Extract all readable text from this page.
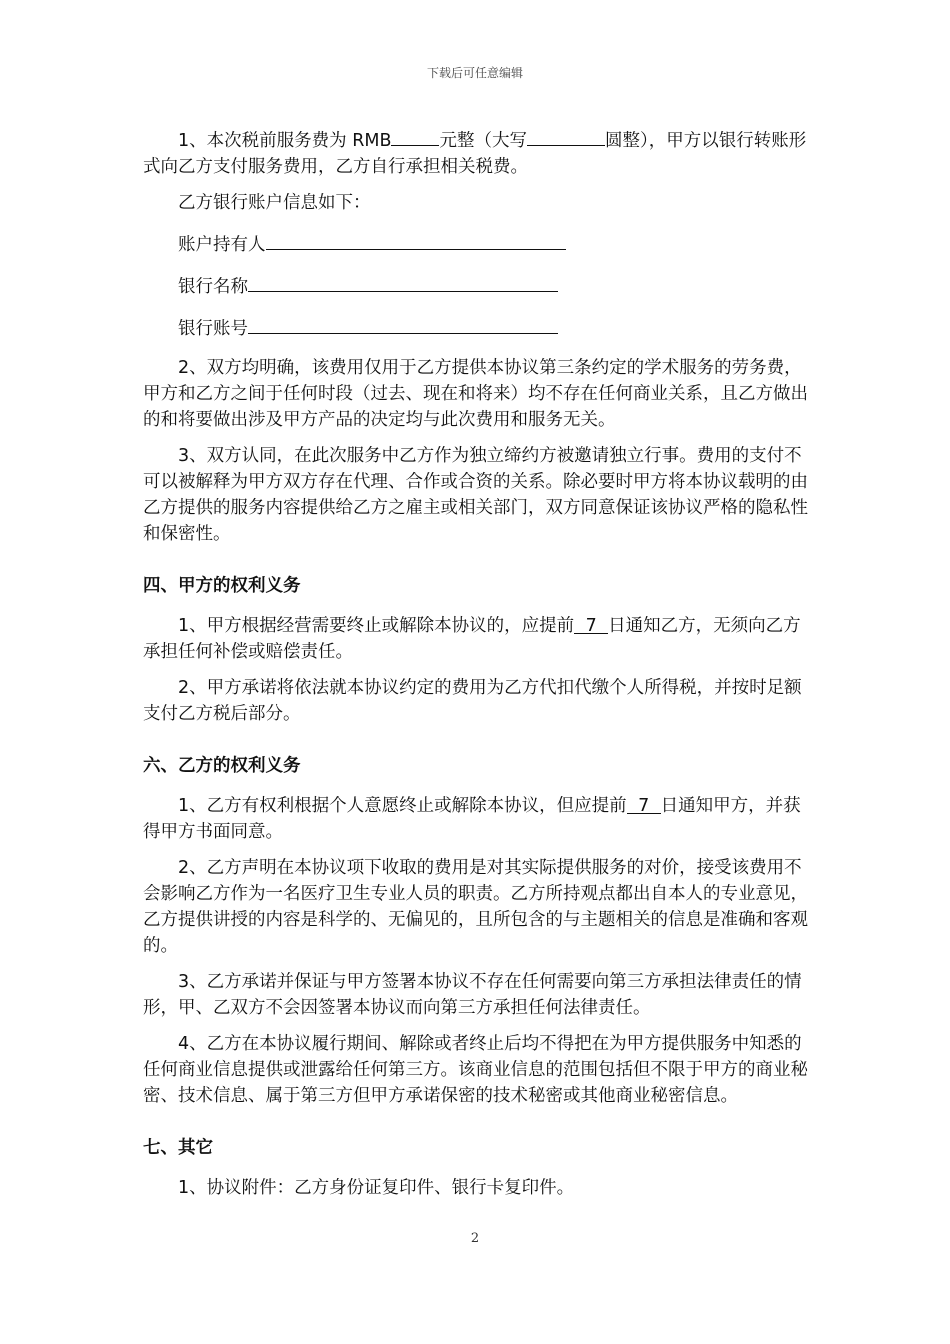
下载后可任意编辑

1、本次税前服务费为 RMB	元整（大写	圆整），甲方以银行转账形式向乙方支付服务费用，乙方自行承担相关税费。

乙方银行账户信息如下：

账户持有人

银行名称

银行账号

2、双方均明确，该费用仅用于乙方提供本协议第三条约定的学术服务的劳务费，甲方和乙方之间于任何时段（过去、现在和将来）均不存在任何商业关系，且乙方做出的和将要做出涉及甲方产品的决定均与此次费用和服务无关。

3、双方认同，在此次服务中乙方作为独立缔约方被邀请独立行事。费用的支付不可以被解释为甲方双方存在代理、合作或合资的关系。除必要时甲方将本协议载明的由乙方提供的服务内容提供给乙方之雇主或相关部门，双方同意保证该协议严格的隐私性和保密性。

四、甲方的权利义务

1、甲方根据经营需要终止或解除本协议的，应提前 7 日通知乙方，无须向乙方承担任何补偿或赔偿责任。

2、甲方承诺将依法就本协议约定的费用为乙方代扣代缴个人所得税，并按时足额支付乙方税后部分。

六、乙方的权利义务

1、乙方有权利根据个人意愿终止或解除本协议，但应提前 7 日通知甲方，并获得甲方书面同意。

2、乙方声明在本协议项下收取的费用是对其实际提供服务的对价，接受该费用不会影响乙方作为一名医疗卫生专业人员的职责。乙方所持观点都出自本人的专业意见，乙方提供讲授的内容是科学的、无偏见的，且所包含的与主题相关的信息是准确和客观的。

3、乙方承诺并保证与甲方签署本协议不存在任何需要向第三方承担法律责任的情形，甲、乙双方不会因签署本协议而向第三方承担任何法律责任。

4、乙方在本协议履行期间、解除或者终止后均不得把在为甲方提供服务中知悉的任何商业信息提供或泄露给任何第三方。该商业信息的范围包括但不限于甲方的商业秘密、技术信息、属于第三方但甲方承诺保密的技术秘密或其他商业秘密信息。

七、其它

1、协议附件：乙方身份证复印件、银行卡复印件。

2
